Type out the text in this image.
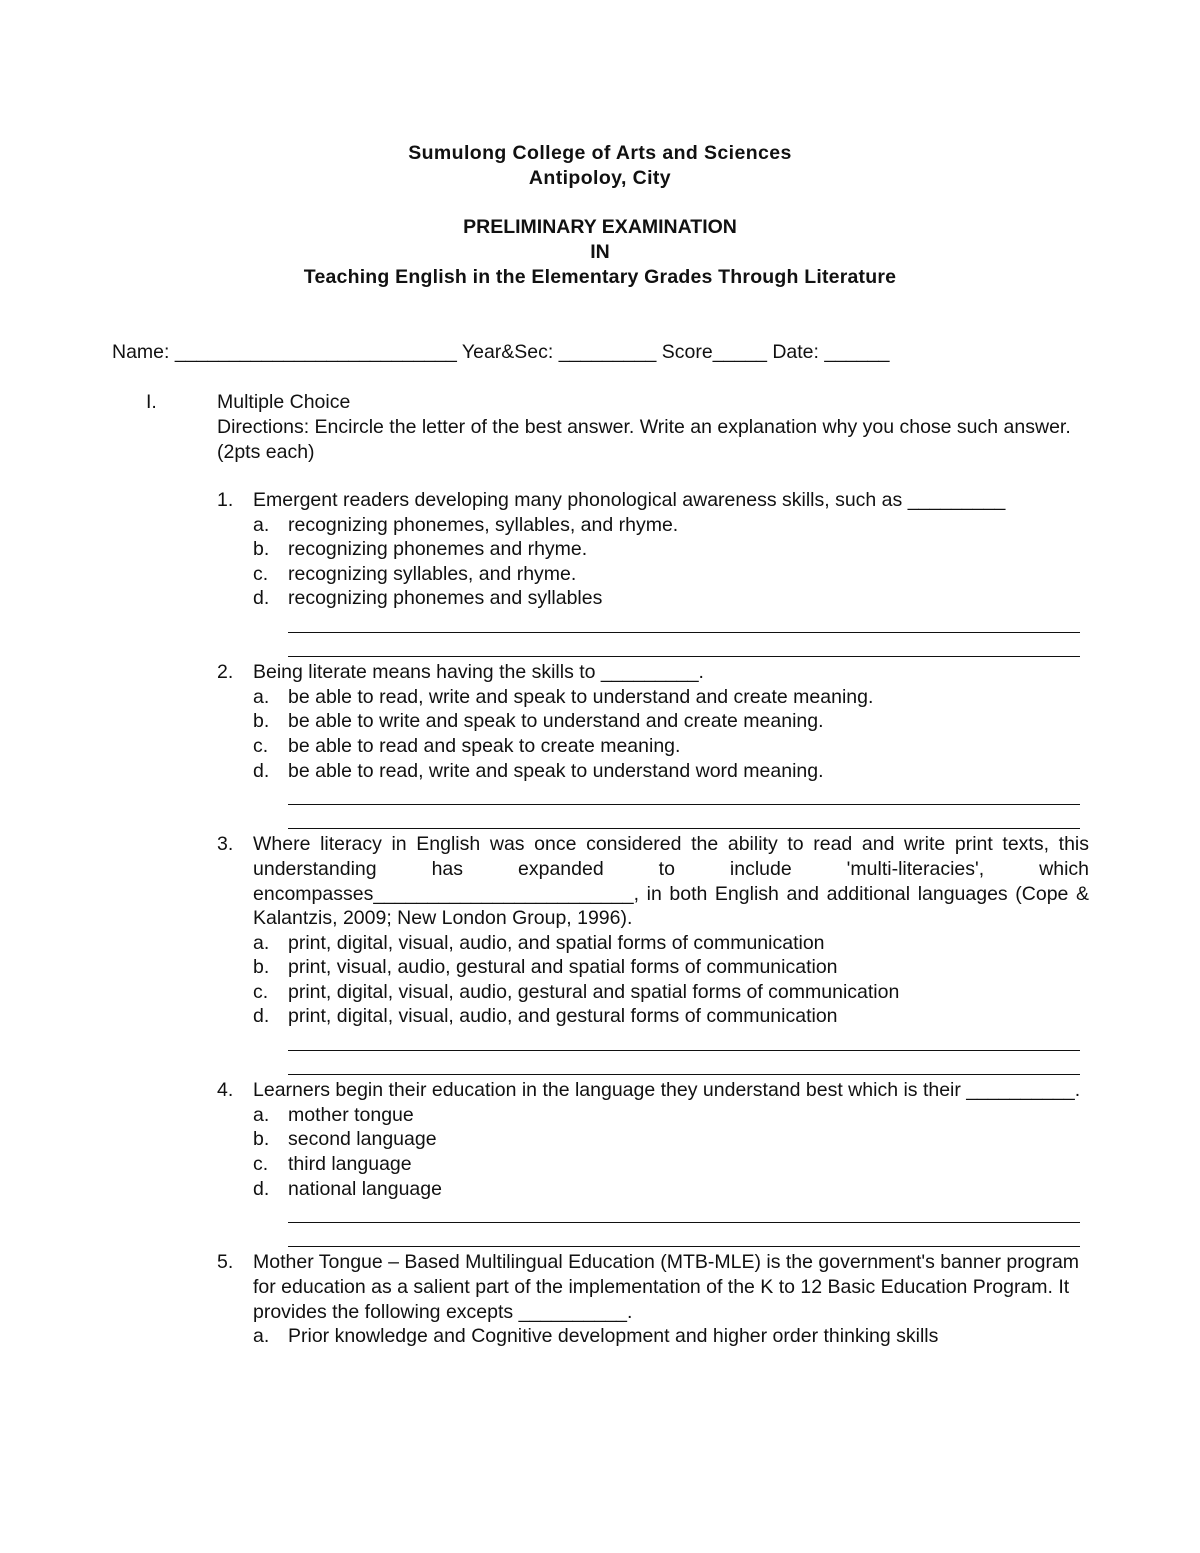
Sumulong College of Arts and Sciences
Antipoloy, City
PRELIMINARY EXAMINATION
IN
Teaching English in the Elementary Grades Through Literature
Name: __________________________ Year&Sec: _________ Score_____ Date: ______
I.	Multiple Choice
Directions: Encircle the letter of the best answer. Write an explanation why you chose such answer. (2pts each)
1.	Emergent readers developing many phonological awareness skills, such as _________
a. recognizing phonemes, syllables, and rhyme.
b. recognizing phonemes and rhyme.
c.	recognizing syllables, and rhyme.
d. recognizing phonemes and syllables
2.	Being literate means having the skills to _________.
a. be able to read, write and speak to understand and create meaning.
b. be able to write and speak to understand and create meaning.
c.	be able to read and speak to create meaning.
d. be able to read, write and speak to understand word meaning.
3.	Where literacy in English was once considered the ability to read and write print texts, this understanding has expanded to include 'multi-literacies', which encompasses________________________, in both English and additional languages (Cope & Kalantzis, 2009; New London Group, 1996).
a. print, digital, visual, audio, and spatial forms of communication
b. print, visual, audio, gestural and spatial forms of communication
c.	print, digital, visual, audio, gestural and spatial forms of communication
d. print, digital, visual, audio, and gestural forms of communication
4.	Learners begin their education in the language they understand best which is their __________.
a. mother tongue
b. second language
c.	third language
d. national language
5.	Mother Tongue – Based Multilingual Education (MTB-MLE) is the government's banner program for education as a salient part of the implementation of the K to 12 Basic Education Program. It provides the following excepts __________.
a. Prior knowledge and Cognitive development and higher order thinking skills
